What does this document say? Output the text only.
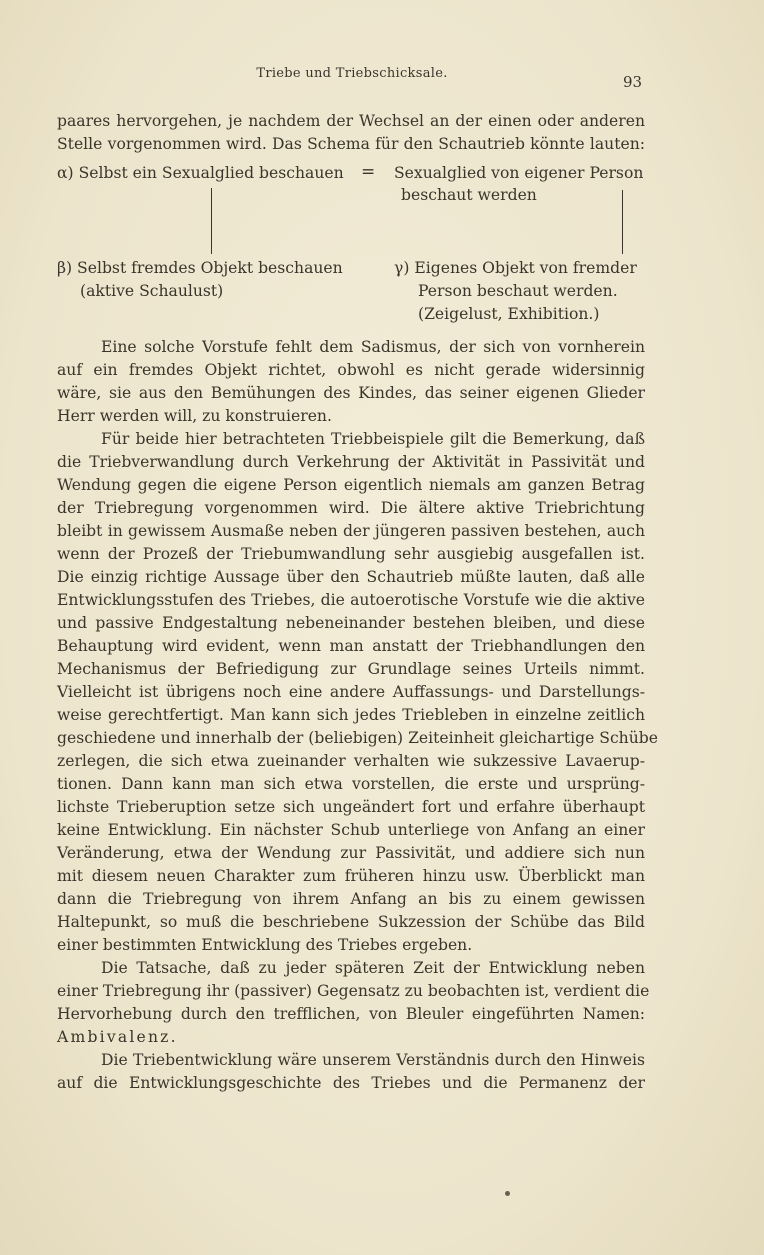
Triebe und Triebschicksale.	93
paares hervorgehen, je nachdem der Wechsel an der einen oder anderen
Stelle vorgenommen wird. Das Schema für den Schautrieb könnte lauten:
α) Selbst ein Sexualglied beschauen = Sexualglied von eigener Person
beschaut werden
β) Selbst fremdes Objekt beschauen
(aktive Schaulust)
γ) Eigenes Objekt von fremder
Person beschaut werden.
(Zeigelust, Exhibition.)
Eine solche Vorstufe fehlt dem Sadismus, der sich von vornherein
auf ein fremdes Objekt richtet, obwohl es nicht gerade widersinnig
wäre, sie aus den Bemühungen des Kindes, das seiner eigenen Glieder
Herr werden will, zu konstruieren.
Für beide hier betrachteten Triebbeispiele gilt die Bemerkung, daß
die Triebverwandlung durch Verkehrung der Aktivität in Passivität und
Wendung gegen die eigene Person eigentlich niemals am ganzen Betrag
der Triebregung vorgenommen wird. Die ältere aktive Triebrichtung
bleibt in gewissem Ausmaße neben der jüngeren passiven bestehen, auch
wenn der Prozeß der Triebumwandlung sehr ausgiebig ausgefallen ist.
Die einzig richtige Aussage über den Schautrieb müßte lauten, daß alle
Entwicklungsstufen des Triebes, die autoerotische Vorstufe wie die aktive
und passive Endgestaltung nebeneinander bestehen bleiben, und diese
Behauptung wird evident, wenn man anstatt der Triebhandlungen den
Mechanismus der Befriedigung zur Grundlage seines Urteils nimmt.
Vielleicht ist übrigens noch eine andere Auffassungs- und Darstellungs-
weise gerechtfertigt. Man kann sich jedes Triebleben in einzelne zeitlich
geschiedene und innerhalb der (beliebigen) Zeiteinheit gleichartige Schübe
zerlegen, die sich etwa zueinander verhalten wie sukzessive Lavaerup-
tionen. Dann kann man sich etwa vorstellen, die erste und ursprüng-
lichste Trieberuption setze sich ungeändert fort und erfahre überhaupt
keine Entwicklung. Ein nächster Schub unterliege von Anfang an einer
Veränderung, etwa der Wendung zur Passivität, und addiere sich nun
mit diesem neuen Charakter zum früheren hinzu usw. Überblickt man
dann die Triebregung von ihrem Anfang an bis zu einem gewissen
Haltepunkt, so muß die beschriebene Sukzession der Schübe das Bild
einer bestimmten Entwicklung des Triebes ergeben.
Die Tatsache, daß zu jeder späteren Zeit der Entwicklung neben
einer Triebregung ihr (passiver) Gegensatz zu beobachten ist, verdient die
Hervorhebung durch den trefflichen, von Bleuler eingeführten Namen:
Ambivalenz.
Die Triebentwicklung wäre unserem Verständnis durch den Hinweis
auf die Entwicklungsgeschichte des Triebes und die Permanenz der
